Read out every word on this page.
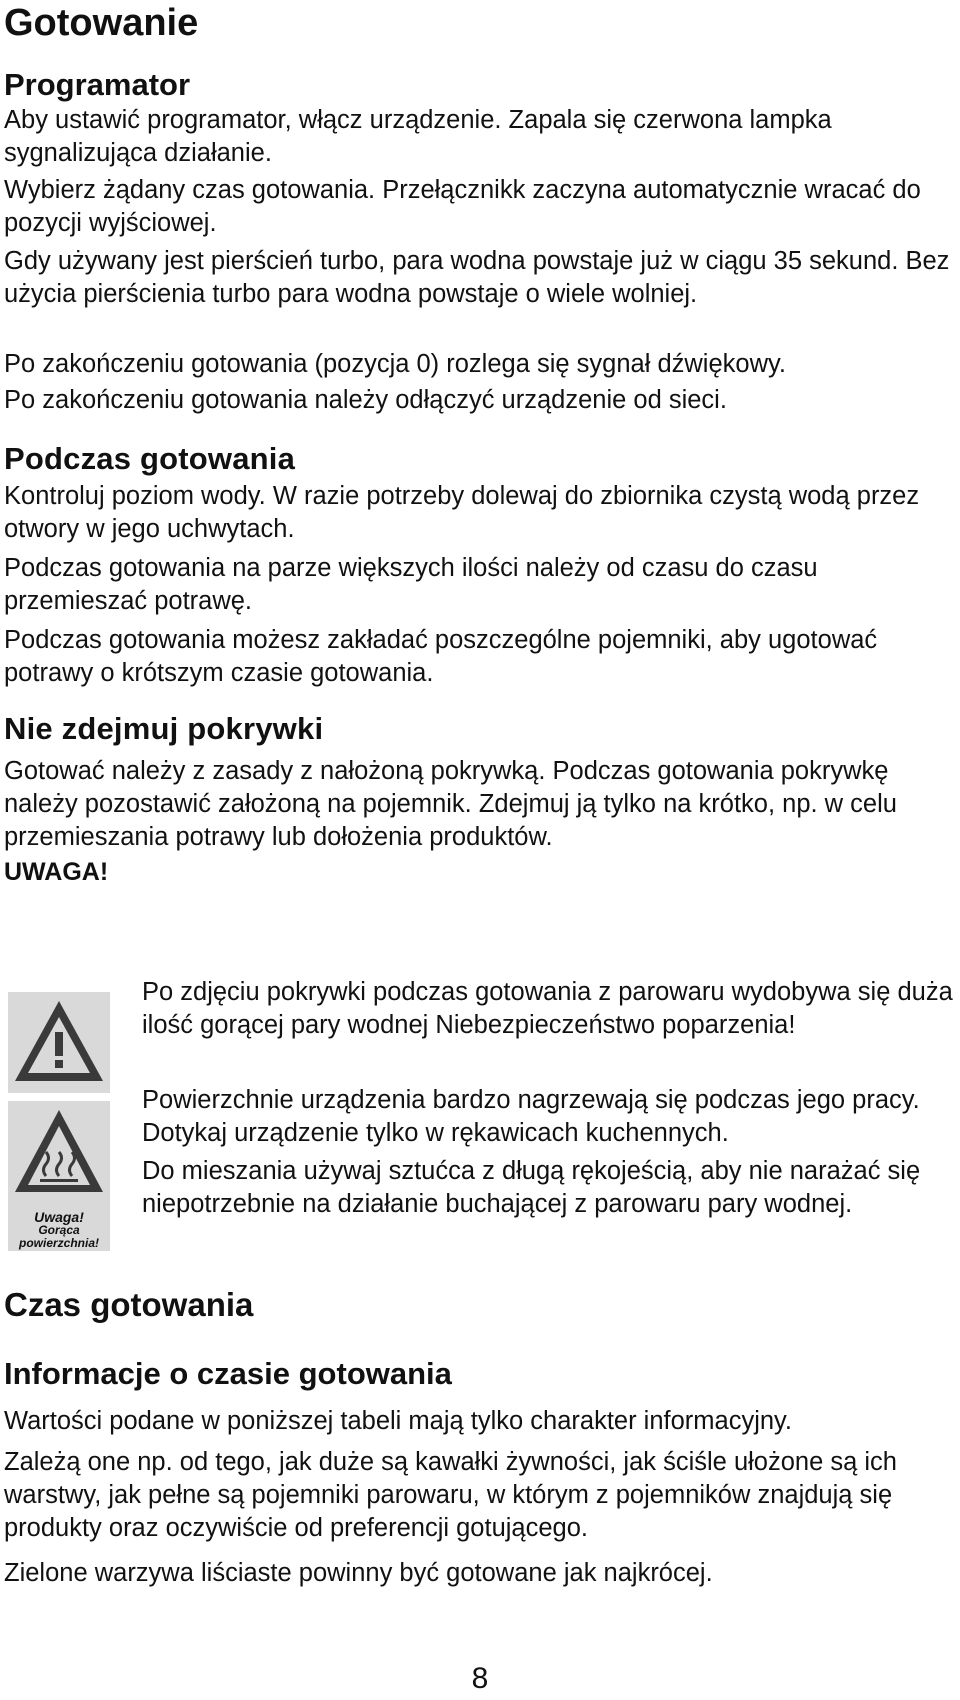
Gotowanie
Programator

Aby ustawić programator, włącz urządzenie. Zapala się czerwona lampka sygnalizująca działanie.

Wybierz żądany czas gotowania. Przełącznikk zaczyna automatycznie wracać do pozycji wyjściowej.

Gdy używany jest pierścień turbo, para wodna powstaje już w ciągu 35 sekund. Bez użycia pierścienia turbo para wodna powstaje o wiele wolniej.

Po zakończeniu gotowania (pozycja 0) rozlega się sygnał dźwiękowy.

Po zakończeniu gotowania należy odłączyć urządzenie od sieci.

Podczas gotowania

Kontroluj poziom wody. W razie potrzeby dolewaj do zbiornika czystą wodą przez otwory w jego uchwytach.

Podczas gotowania na parze większych ilości należy od czasu do czasu przemieszać potrawę.

Podczas gotowania możesz zakładać poszczególne pojemniki, aby ugotować potrawy o krótszym czasie gotowania.

Nie zdejmuj pokrywki

Gotować należy z zasady z nałożoną pokrywką. Podczas gotowania pokrywkę należy pozostawić założoną na pojemnik. Zdejmuj ją tylko na krótko, np. w celu przemieszania potrawy lub dołożenia produktów.

UWAGA!

Uwaga!
Gorąca
powierzchnia!

Po zdjęciu pokrywki podczas gotowania z parowaru wydobywa się duża ilość gorącej pary wodnej Niebezpieczeństwo poparzenia!

Powierzchnie urządzenia bardzo nagrzewają się podczas jego pracy. Dotykaj urządzenie tylko w rękawicach kuchennych.

Do mieszania używaj sztućca z długą rękojeścią, aby nie narażać się niepotrzebnie na działanie buchającej z parowaru pary wodnej.

Czas gotowania
Informacje o czasie gotowania

Wartości podane w poniższej tabeli mają tylko charakter informacyjny.

Zależą one np. od tego, jak duże są kawałki żywności, jak ściśle ułożone są ich warstwy, jak pełne są pojemniki parowaru, w którym z pojemników znajdują się produkty oraz oczywiście od preferencji gotującego.

Zielone warzywa liściaste powinny być gotowane jak najkrócej.

8
